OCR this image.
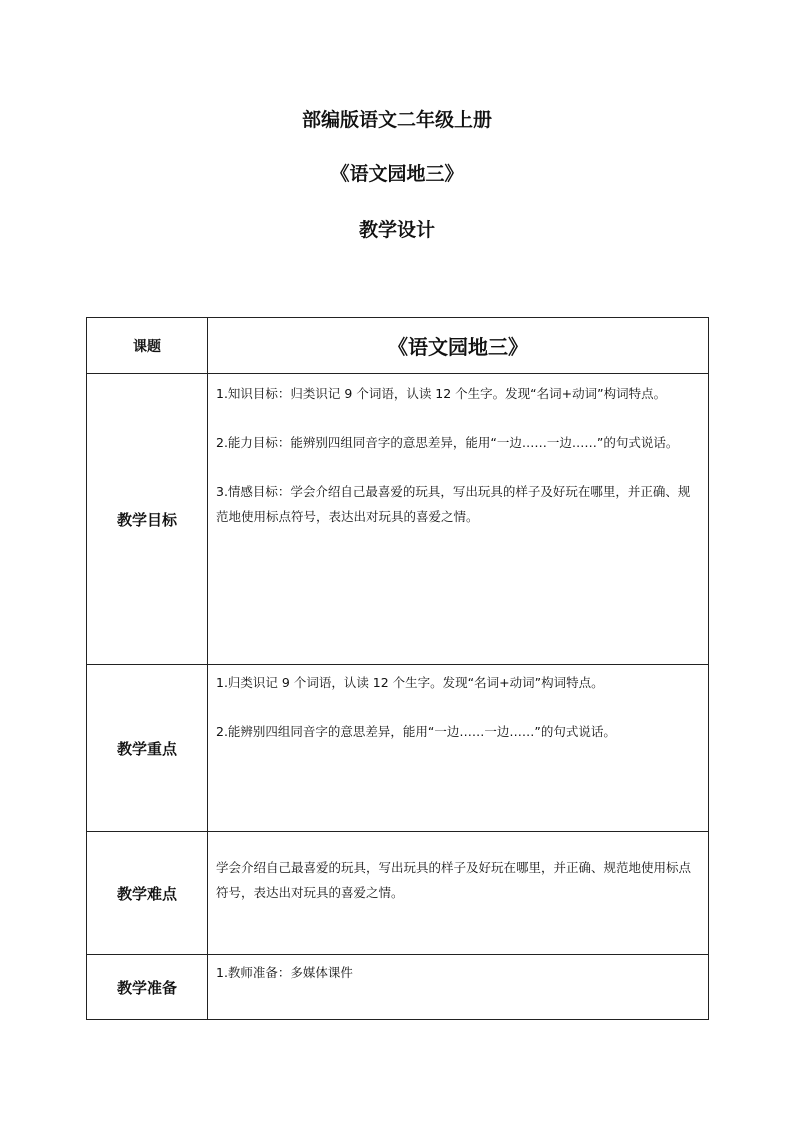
部编版语文二年级上册
《语文园地三》
教学设计
课题	《语文园地三》
教学目标	1.知识目标：归类识记 9 个词语，认读 12 个生字。发现“名词+动词”构词特点。

2.能力目标：能辨别四组同音字的意思差异，能用“一边……一边……”的句式说话。

3.情感目标：学会介绍自己最喜爱的玩具，写出玩具的样子及好玩在哪里，并正确、规范地使用标点符号，表达出对玩具的喜爱之情。

教学重点	1.归类识记 9 个词语，认读 12 个生字。发现“名词+动词”构词特点。

2.能辨别四组同音字的意思差异，能用“一边……一边……”的句式说话。

教学难点	学会介绍自己最喜爱的玩具，写出玩具的样子及好玩在哪里，并正确、规范地使用标点符号，表达出对玩具的喜爱之情。

教学准备	1.教师准备：多媒体课件
